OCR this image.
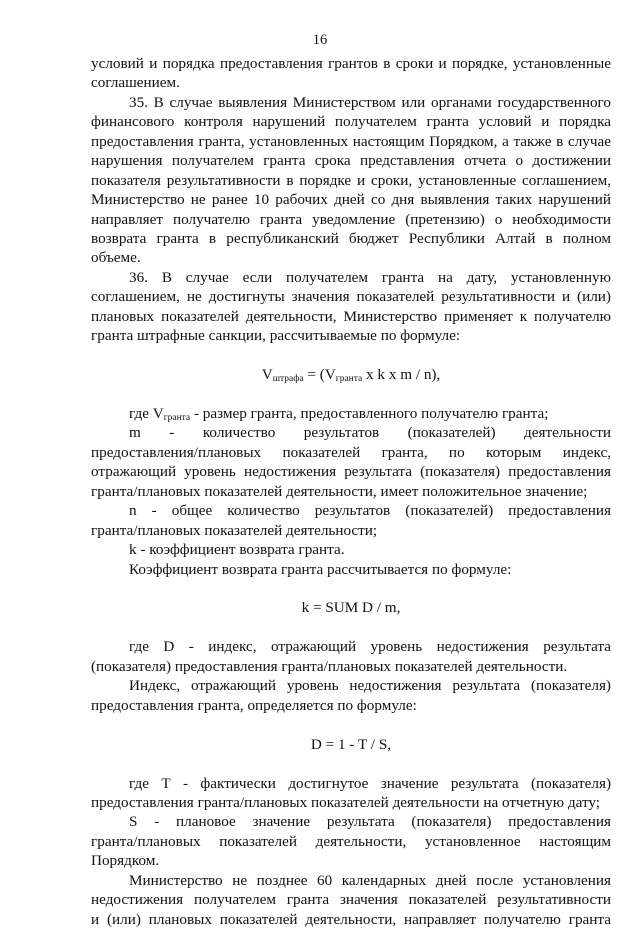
16
условий и порядка предоставления грантов в сроки и порядке, установленные
соглашением.
35. В случае выявления Министерством или органами государственного
финансового контроля нарушений получателем гранта условий и порядка
предоставления гранта, установленных настоящим Порядком, а также в случае
нарушения получателем гранта срока представления отчета о достижении
показателя результативности в порядке и сроки, установленные соглашением,
Министерство не ранее 10 рабочих дней со дня выявления таких нарушений
направляет получателю гранта уведомление (претензию) о необходимости
возврата гранта в республиканский бюджет Республики Алтай в полном
объеме.
36. В случае если получателем гранта на дату, установленную
соглашением, не достигнуты значения показателей результативности и (или)
плановых показателей деятельности, Министерство применяет к получателю
гранта штрафные санкции, рассчитываемые по формуле:
$V_{штрафа} = (V_{гранта}$ x k x m / n),
где $V_{гранта}$ - размер гранта, предоставленного получателю гранта;
m - количество результатов (показателей) деятельности
предоставления/плановых показателей гранта, по которым индекс,
отражающий уровень недостижения результата (показателя) предоставления
гранта/плановых показателей деятельности, имеет положительное значение;
n - общее количество результатов (показателей) предоставления
гранта/плановых показателей деятельности;
k - коэффициент возврата гранта.
Коэффициент возврата гранта рассчитывается по формуле:
k = SUM D / m,
где D - индекс, отражающий уровень недостижения результата
(показателя) предоставления гранта/плановых показателей деятельности.
Индекс, отражающий уровень недостижения результата (показателя)
предоставления гранта, определяется по формуле:
D = 1 - T / S,
где Т - фактически достигнутое значение результата (показателя)
предоставления гранта/плановых показателей деятельности на отчетную дату;
S - плановое значение результата (показателя) предоставления
гранта/плановых показателей деятельности, установленное настоящим
Порядком.
Министерство не позднее 60 календарных дней после установления
недостижения получателем гранта значения показателей результативности
и (или) плановых показателей деятельности, направляет получателю гранта
